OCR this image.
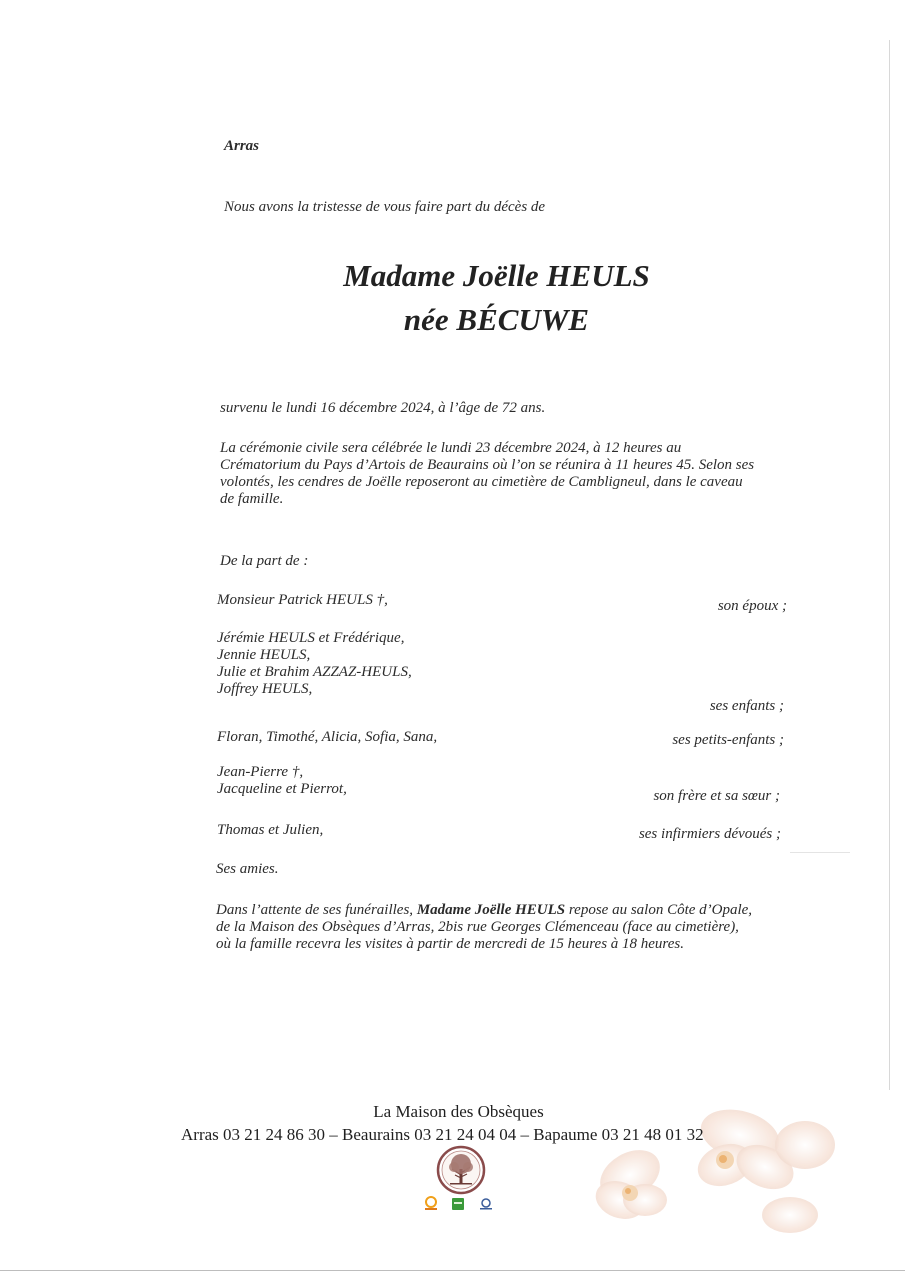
Arras
Nous avons la tristesse de vous faire part du décès de
Madame Joëlle HEULS
née BÉCUWE
survenu le lundi 16 décembre 2024, à l’âge de 72 ans.
La cérémonie civile sera célébrée le lundi 23 décembre 2024, à 12 heures au
Crématorium du Pays d’Artois de Beaurains où l’on se réunira à 11 heures 45. Selon ses
volontés, les cendres de Joëlle reposeront au cimetière de Cambligneul, dans le caveau
de famille.
De la part de :
Monsieur Patrick HEULS †,	son époux ;
Jérémie HEULS et Frédérique,
Jennie HEULS,
Julie et Brahim AZZAZ-HEULS,
Joffrey HEULS,
ses enfants ;
Floran, Timothé, Alicia, Sofia, Sana,	ses petits-enfants ;
Jean-Pierre †,
Jacqueline et Pierrot,	son frère et sa sœur ;
Thomas et Julien,	ses infirmiers dévoués ;
Ses amies.
Dans l’attente de ses funérailles, Madame Joëlle HEULS repose au salon Côte d’Opale,
de la Maison des Obsèques d’Arras, 2bis rue Georges Clémenceau (face au cimetière),
où la famille recevra les visites à partir de mercredi de 15 heures à 18 heures.
La Maison des Obsèques
Arras 03 21 24 86 30 – Beaurains 03 21 24 04 04 – Bapaume 03 21 48 01 32
